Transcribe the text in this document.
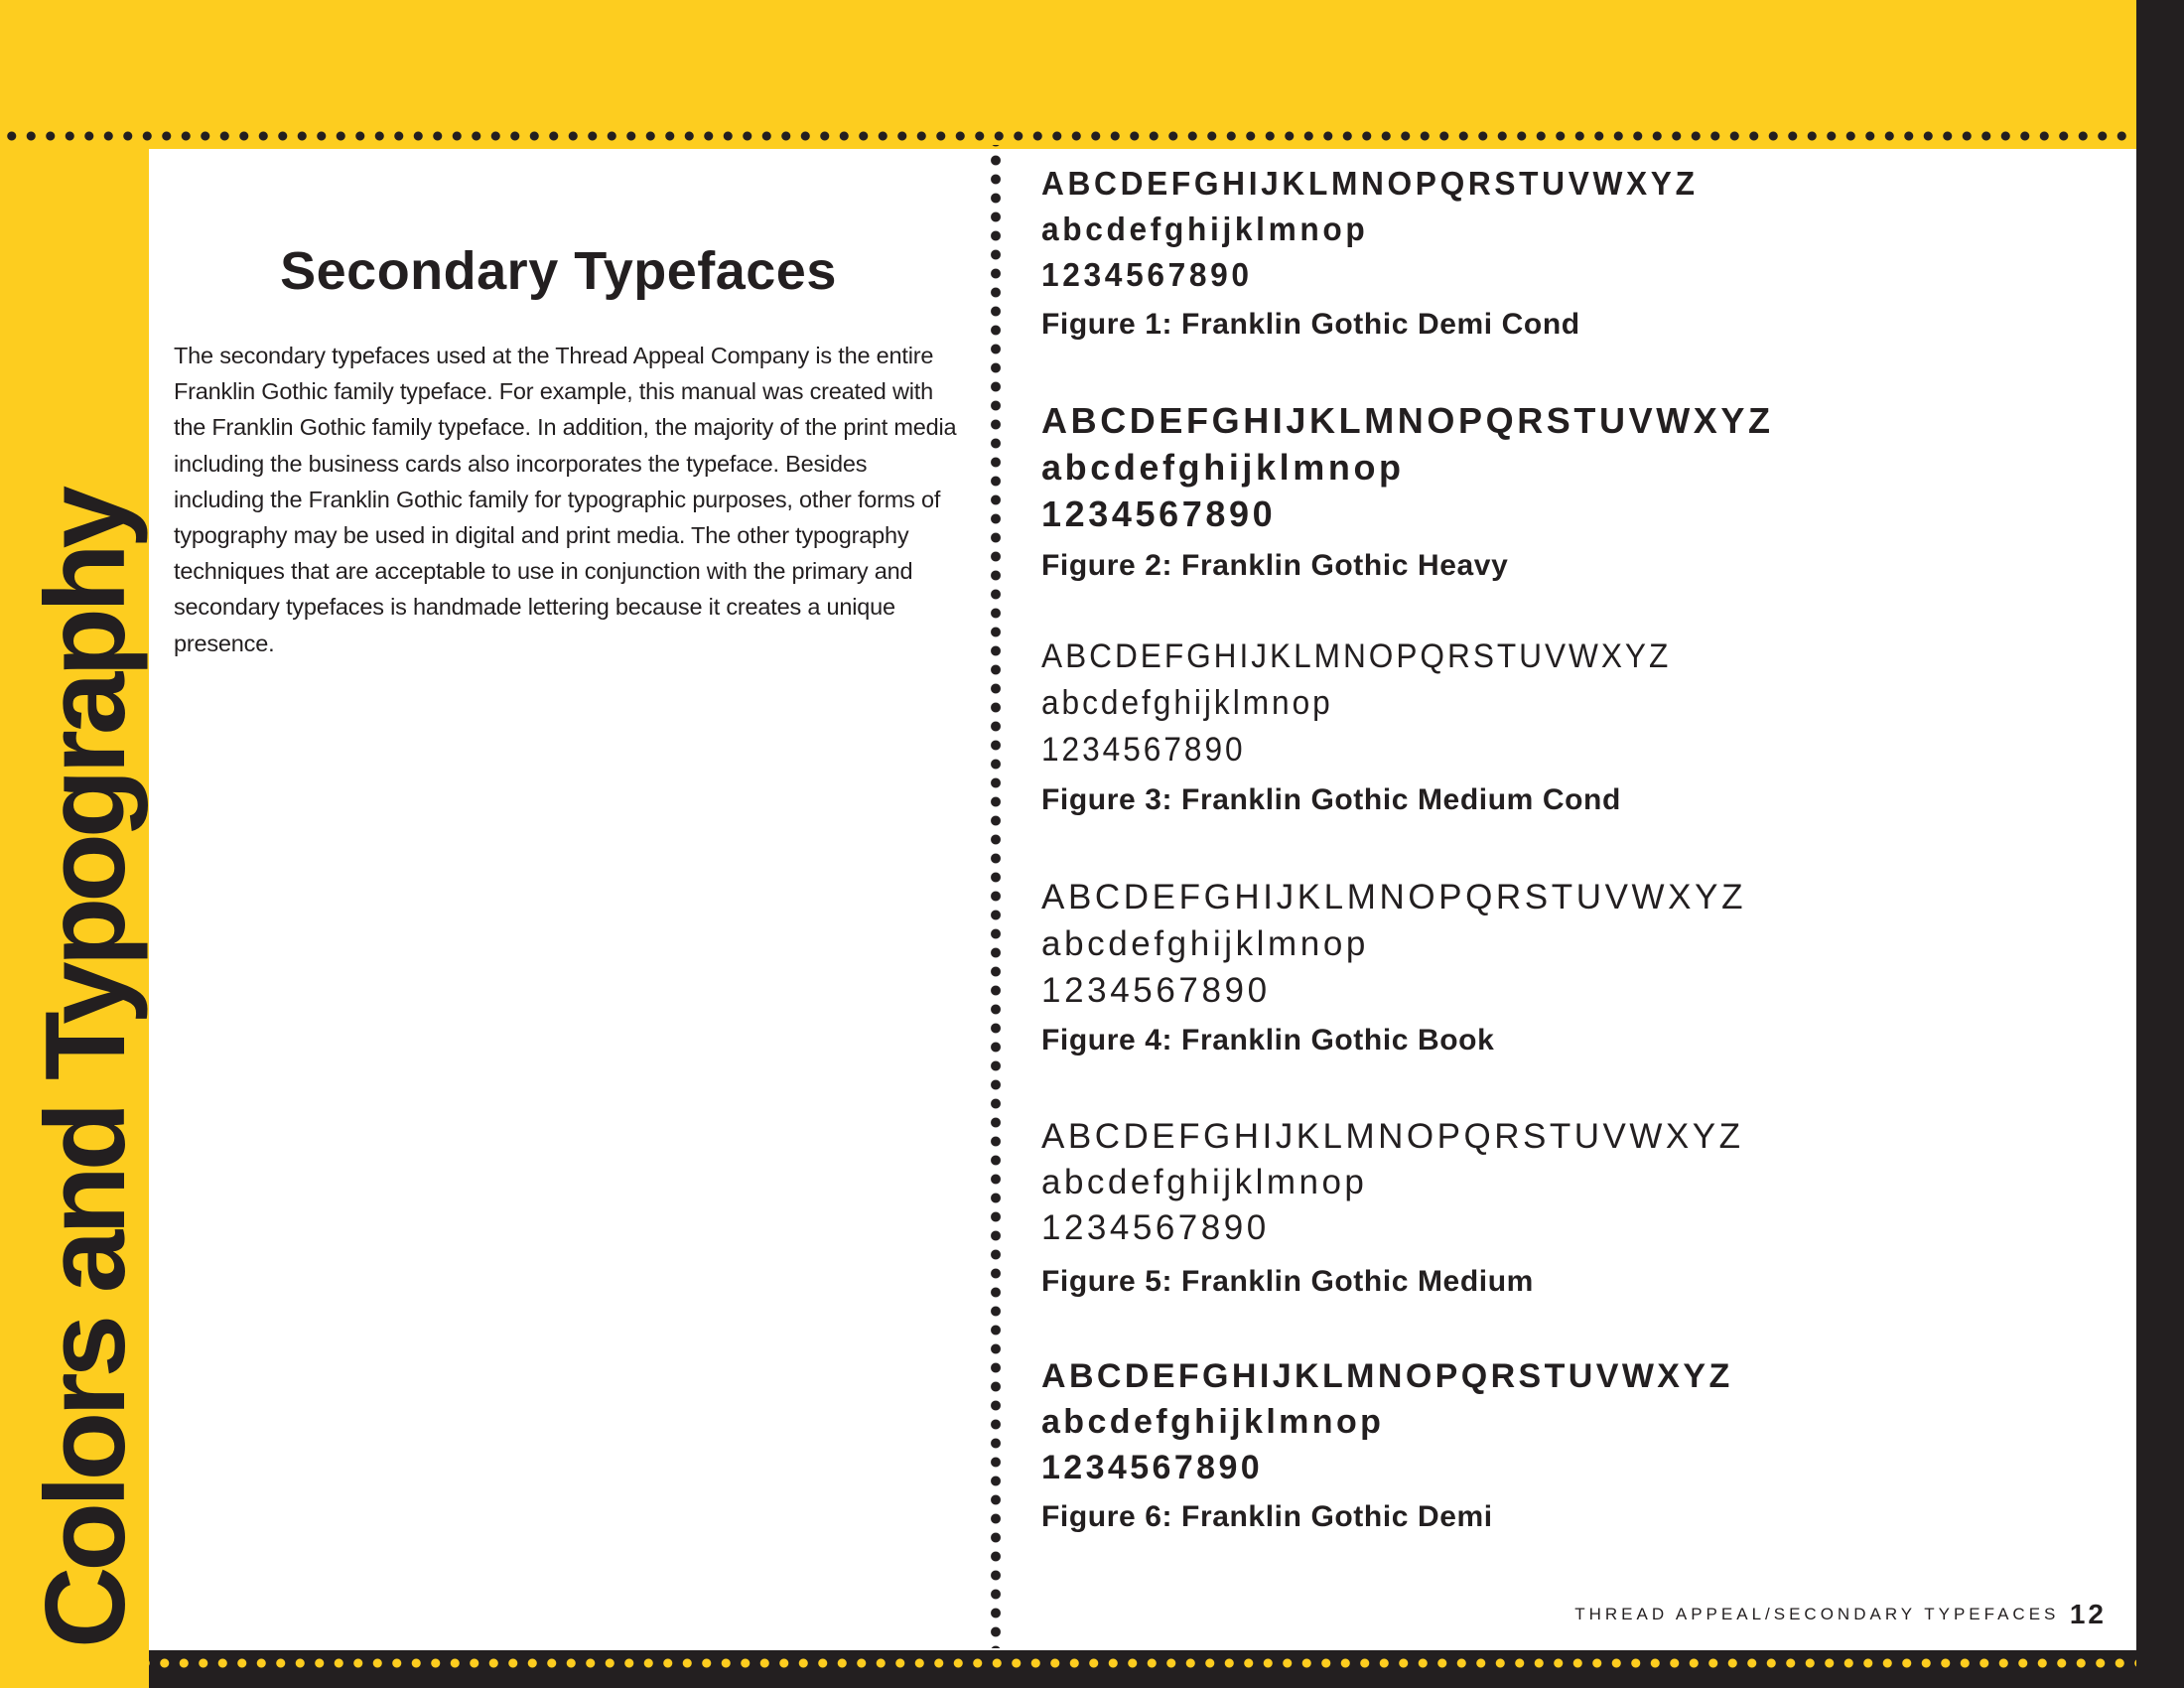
Colors and Typography
Secondary Typefaces

The secondary typefaces used at the Thread Appeal Company is the entire Franklin Gothic family typeface. For example, this manual was created with the Franklin Gothic family typeface. In addition, the majority of the print media including the business cards also incorporates the typeface. Besides including the Franklin Gothic family for typographic purposes, other forms of typography may be used in digital and print media. The other typography techniques that are acceptable to use in conjunction with the primary and secondary typefaces is handmade lettering because it creates a unique presence.

ABCDEFGHIJKLMNOPQRSTUVWXYZ
abcdefghijklmnop
1234567890
Figure 1: Franklin Gothic Demi Cond
ABCDEFGHIJKLMNOPQRSTUVWXYZ
abcdefghijklmnop
1234567890
Figure 2: Franklin Gothic Heavy
ABCDEFGHIJKLMNOPQRSTUVWXYZ
abcdefghijklmnop
1234567890
Figure 3: Franklin Gothic Medium Cond
ABCDEFGHIJKLMNOPQRSTUVWXYZ
abcdefghijklmnop
1234567890
Figure 4: Franklin Gothic Book
ABCDEFGHIJKLMNOPQRSTUVWXYZ
abcdefghijklmnop
1234567890
Figure 5: Franklin Gothic Medium
ABCDEFGHIJKLMNOPQRSTUVWXYZ
abcdefghijklmnop
1234567890
Figure 6: Franklin Gothic Demi
THREAD APPEAL/SECONDARY TYPEFACES 12
